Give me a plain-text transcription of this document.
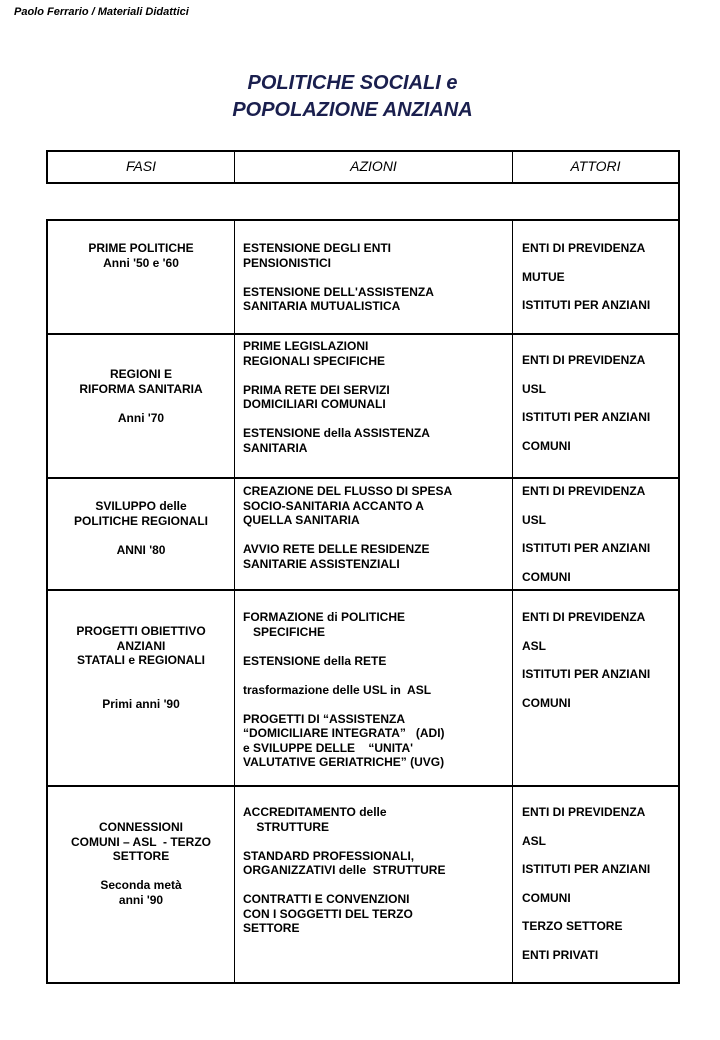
Paolo Ferrario / Materiali Didattici
POLITICHE SOCIALI e
POPOLAZIONE ANZIANA
FASI	AZIONI	ATTORI
PRIME POLITICHE
Anni '50 e '60
ESTENSIONE DEGLI ENTI
PENSIONISTICI
ESTENSIONE DELL'ASSISTENZA
SANITARIA MUTUALISTICA
ENTI DI PREVIDENZA
MUTUE
ISTITUTI PER ANZIANI
REGIONI E
RIFORMA SANITARIA
Anni '70
PRIME LEGISLAZIONI
REGIONALI SPECIFICHE
PRIMA RETE DEI SERVIZI
DOMICILIARI COMUNALI
ESTENSIONE della ASSISTENZA
SANITARIA
ENTI DI PREVIDENZA
USL
ISTITUTI PER ANZIANI
COMUNI
SVILUPPO delle
POLITICHE REGIONALI
ANNI '80
CREAZIONE DEL FLUSSO DI SPESA
SOCIO-SANITARIA ACCANTO A
QUELLA SANITARIA
AVVIO RETE DELLE RESIDENZE
SANITARIE ASSISTENZIALI
ENTI DI PREVIDENZA
USL
ISTITUTI PER ANZIANI
COMUNI
PROGETTI OBIETTIVO
ANZIANI
STATALI e REGIONALI
Primi anni '90
FORMAZIONE di POLITICHE
SPECIFICHE
ESTENSIONE della RETE
trasformazione delle USL in  ASL
PROGETTI DI “ASSISTENZA
“DOMICILIARE INTEGRATA”   (ADI)
e SVILUPPE DELLE    “UNITA'
VALUTATIVE GERIATRICHE” (UVG)
ENTI DI PREVIDENZA
ASL
ISTITUTI PER ANZIANI
COMUNI
CONNESSIONI
COMUNI – ASL  - TERZO
SETTORE
Seconda metà
anni '90
ACCREDITAMENTO delle
STRUTTURE
STANDARD PROFESSIONALI,
ORGANIZZATIVI delle  STRUTTURE
CONTRATTI E CONVENZIONI
CON I SOGGETTI DEL TERZO
SETTORE
ENTI DI PREVIDENZA
ASL
ISTITUTI PER ANZIANI
COMUNI
TERZO SETTORE
ENTI PRIVATI
